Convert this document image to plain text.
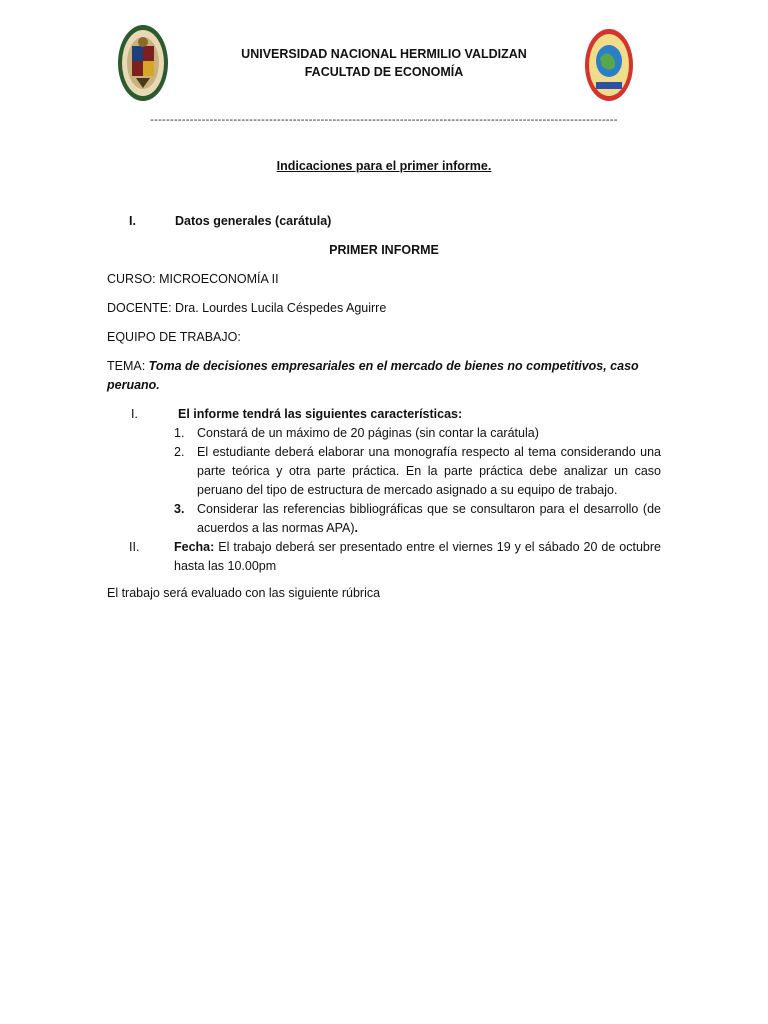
UNIVERSIDAD NACIONAL HERMILIO VALDIZAN
FACULTAD DE ECONOMÍA
----------------------------------------------------------------------------------------------------------------------
Indicaciones para el primer informe.
I.	Datos generales (carátula)
PRIMER INFORME
CURSO: MICROECONOMÍA II
DOCENTE: Dra. Lourdes Lucila Céspedes Aguirre
EQUIPO DE TRABAJO:
TEMA: Toma de decisiones empresariales en el mercado de bienes no competitivos, caso
peruano.
I.	El informe tendrá las siguientes características:
1. Constará de un máximo de 20 páginas (sin contar la carátula)
2. El estudiante deberá elaborar una monografía respecto al tema considerando una parte teórica y otra parte práctica. En la parte práctica debe analizar un caso peruano del tipo de estructura de mercado asignado a su equipo de trabajo.
3. Considerar las referencias bibliográficas que se consultaron para el desarrollo (de acuerdos a las normas APA).
II.	Fecha: El trabajo deberá ser presentado entre el viernes 19 y el sábado 20 de octubre hasta las 10.00pm
El trabajo será evaluado con las siguiente rúbrica
